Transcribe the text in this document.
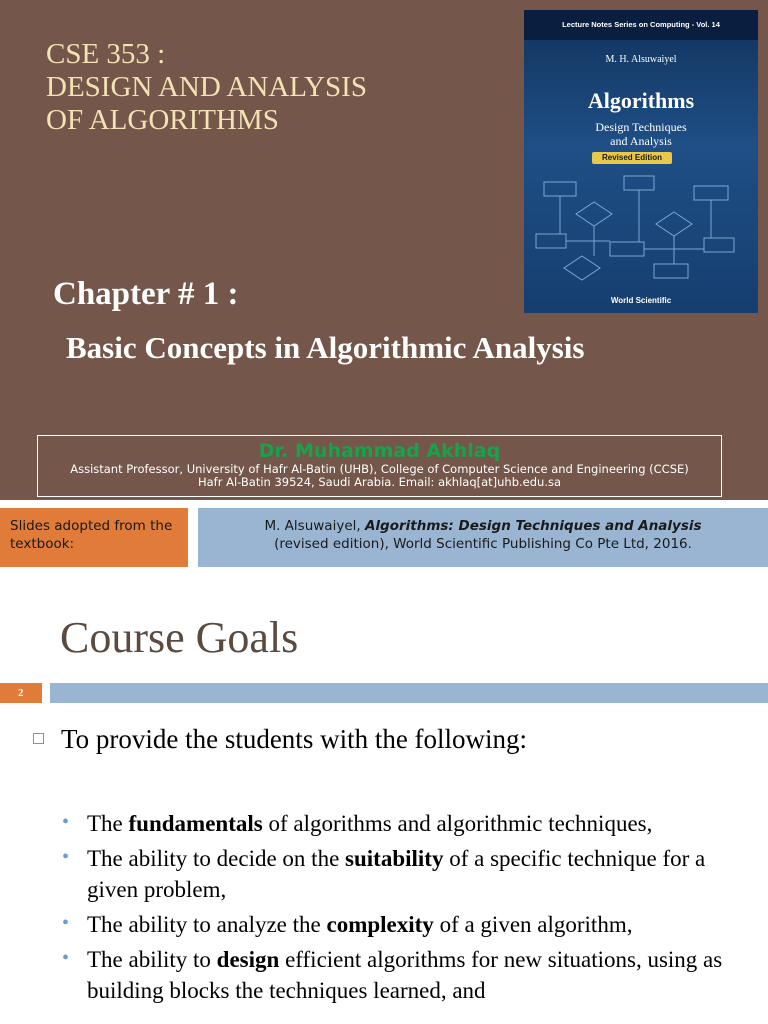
CSE 353 :
DESIGN AND ANALYSIS
OF ALGORITHMS
Lecture Notes Series on Computing - Vol. 14
M. H. Alsuwaiyel
Algorithms
Design Techniques
and Analysis
Revised Edition
World Scientific
Chapter # 1 :
Basic Concepts in Algorithmic Analysis
Dr. Muhammad Akhlaq
Assistant Professor, University of Hafr Al-Batin (UHB), College of Computer Science and Engineering (CCSE)
Hafr Al-Batin 39524, Saudi Arabia. Email: akhlaq[at]uhb.edu.sa
Slides adopted from the textbook:
M. Alsuwaiyel, Algorithms: Design Techniques and Analysis
(revised edition), World Scientific Publishing Co Pte Ltd, 2016.
Course Goals
2
To provide the students with the following:
• The fundamentals of algorithms and algorithmic techniques,
• The ability to decide on the suitability of a specific technique for a given problem,
• The ability to analyze the complexity of a given algorithm,
• The ability to design efficient algorithms for new situations, using as building blocks the techniques learned, and
